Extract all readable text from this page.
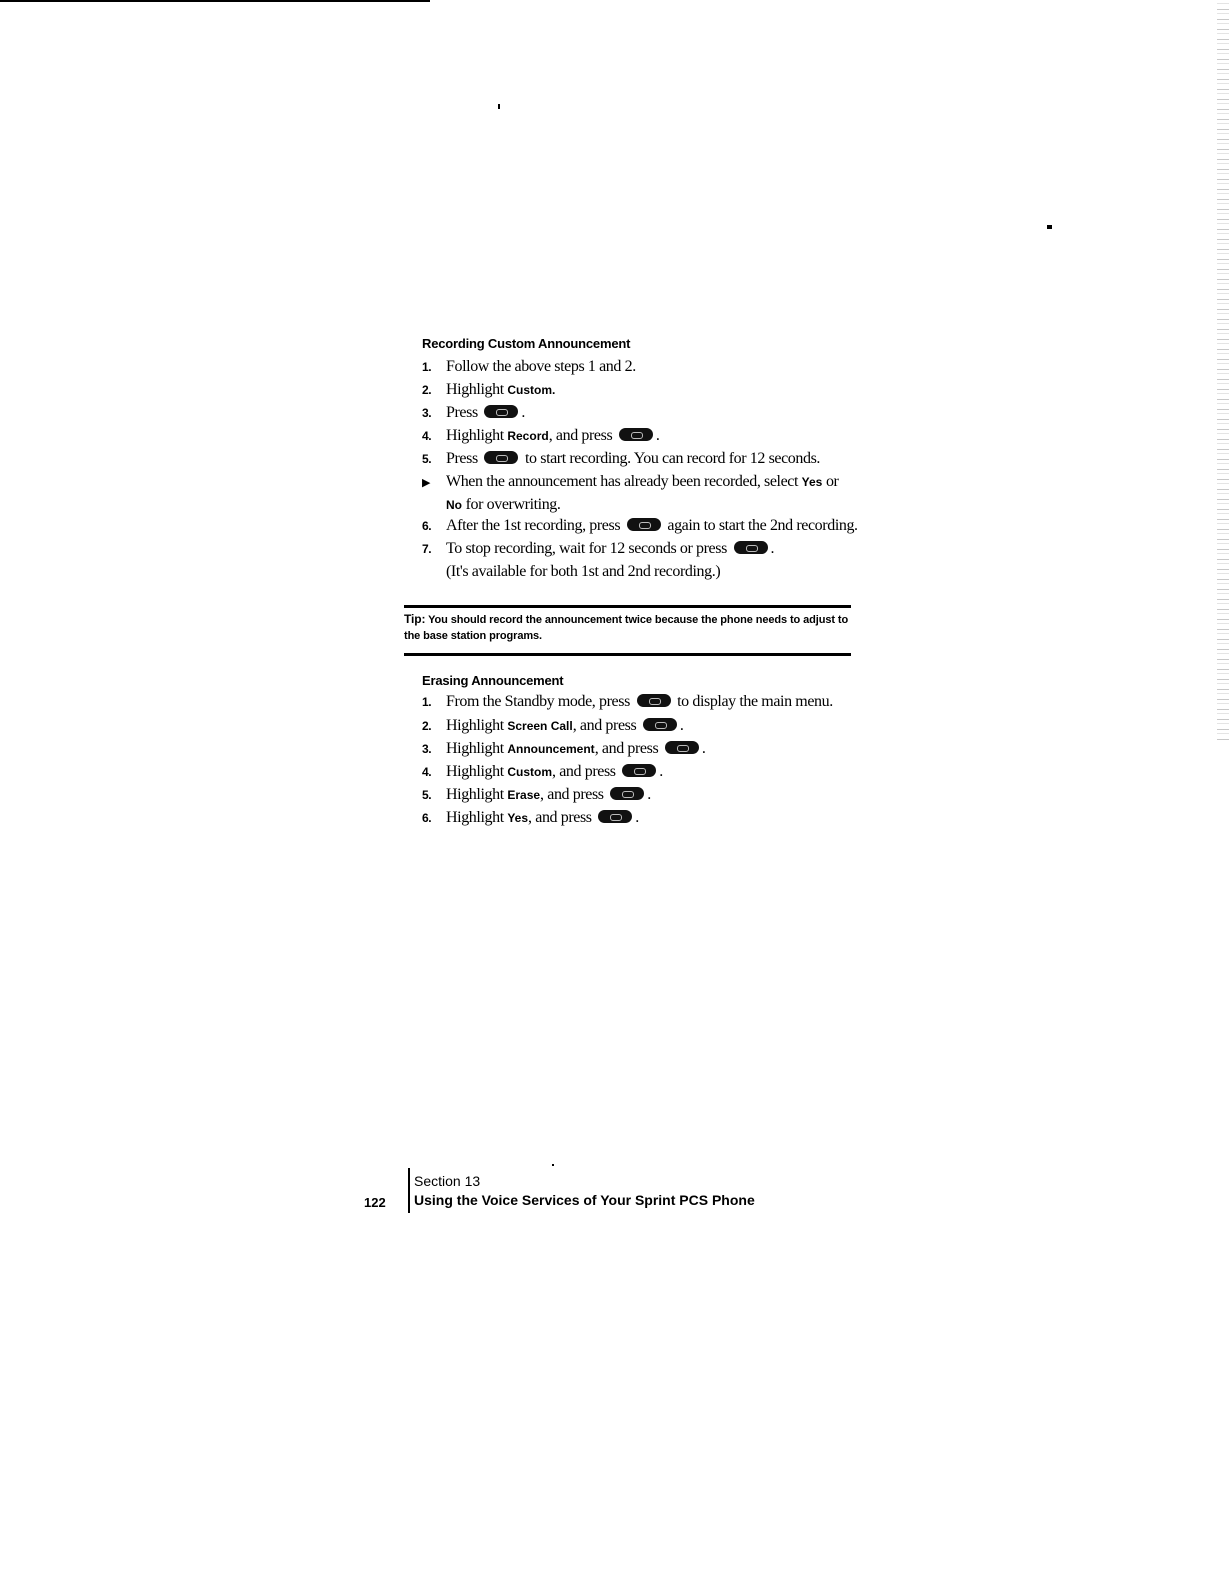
Recording Custom Announcement
1. Follow the above steps 1 and 2.
2. Highlight Custom.
3. Press	.
4. Highlight Record, and press	.
5. Press	to start recording. You can record for 12 seconds.
▶ When the announcement has already been recorded, select Yes or
No for overwriting.
6. After the 1st recording, press	again to start the 2nd recording.
7. To stop recording, wait for 12 seconds or press	.
(It's available for both 1st and 2nd recording.)
Tip: You should record the announcement twice because the phone needs to adjust to the base station programs.
Erasing Announcement
1. From the Standby mode, press	to display the main menu.
2. Highlight Screen Call, and press	.
3. Highlight Announcement, and press	.
4. Highlight Custom, and press	.
5. Highlight Erase, and press	.
6. Highlight Yes, and press	.
Section 13
Using the Voice Services of Your Sprint PCS Phone
122
